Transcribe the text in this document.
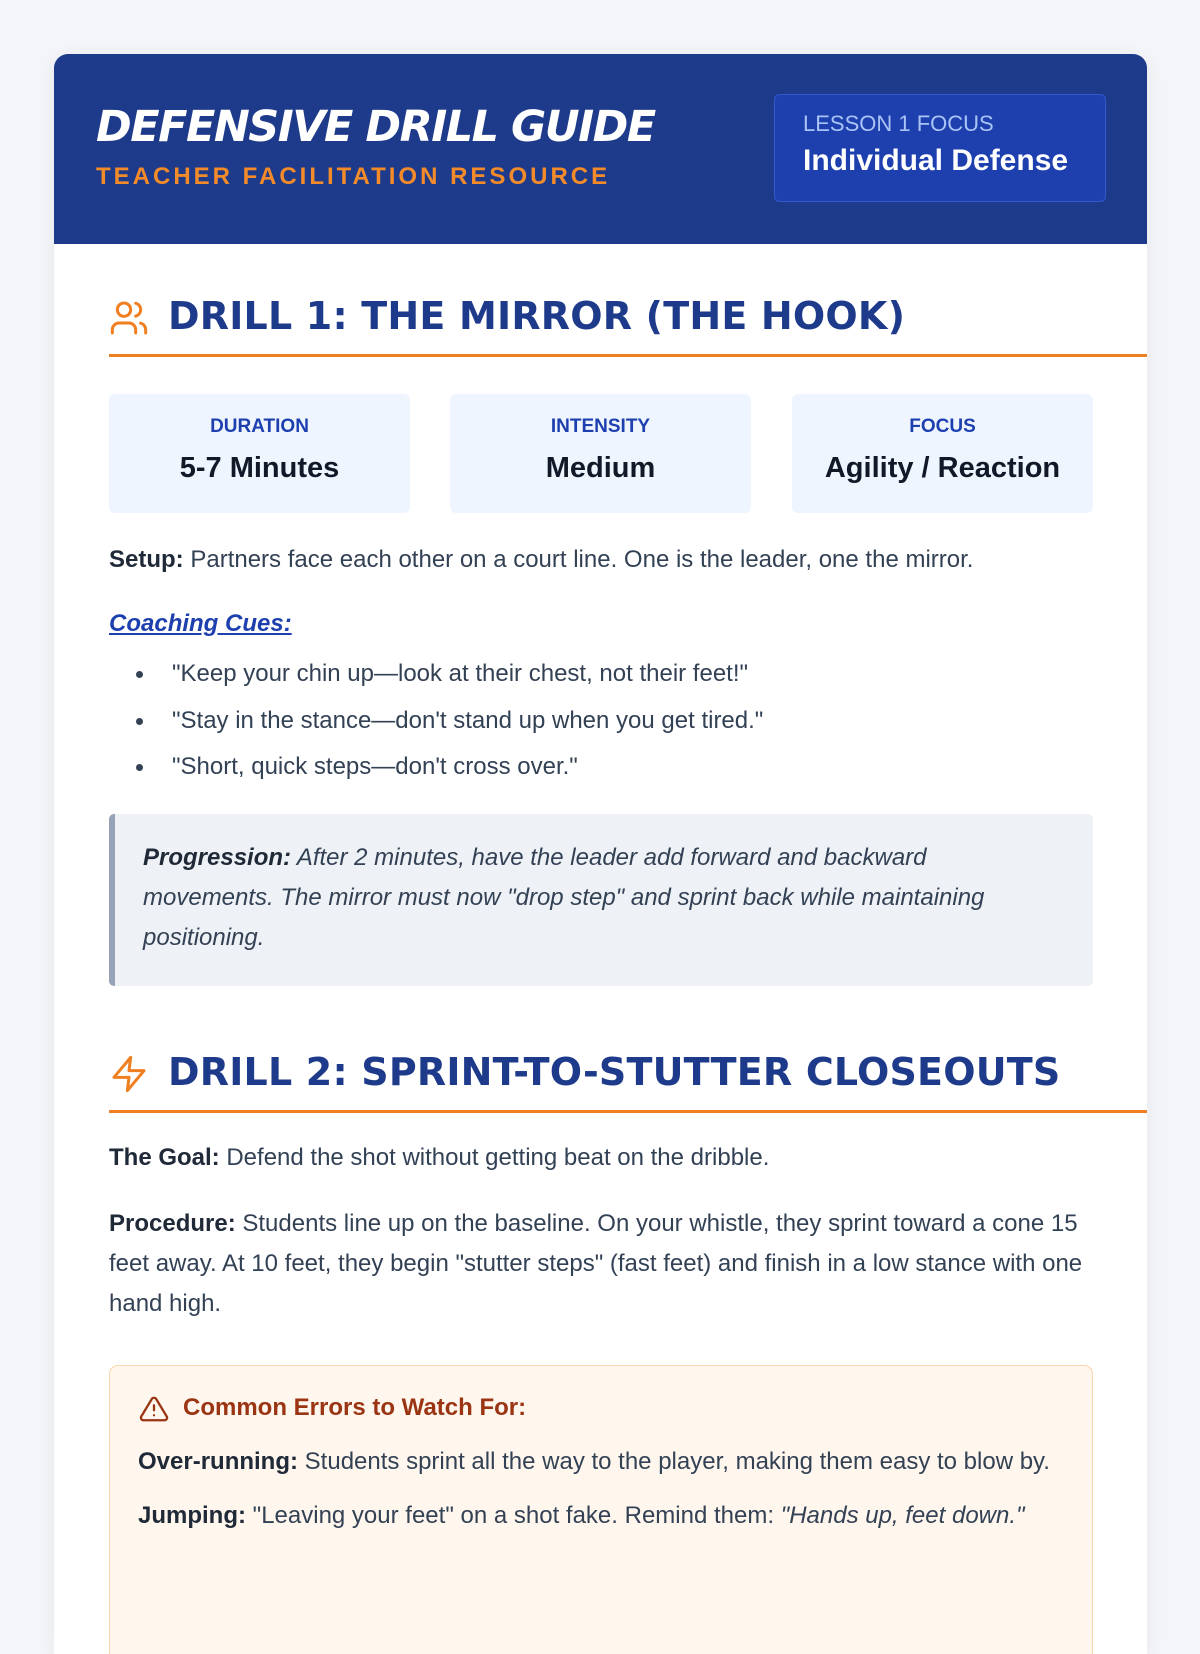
DEFENSIVE DRILL GUIDE
TEACHER FACILITATION RESOURCE
LESSON 1 FOCUS
Individual Defense
DRILL 1: THE MIRROR (THE HOOK)
DURATION
5-7 Minutes
INTENSITY
Medium
FOCUS
Agility / Reaction

Setup: Partners face each other on a court line. One is the leader, one the mirror.

Coaching Cues:
"Keep your chin up—look at their chest, not their feet!"
"Stay in the stance—don't stand up when you get tired."
"Short, quick steps—don't cross over."
Progression: After 2 minutes, have the leader add forward and backward movements. The mirror must now "drop step" and sprint back while maintaining positioning.
DRILL 2: SPRINT-TO-STUTTER CLOSEOUTS

The Goal: Defend the shot without getting beat on the dribble.

Procedure: Students line up on the baseline. On your whistle, they sprint toward a cone 15 feet away. At 10 feet, they begin "stutter steps" (fast feet) and finish in a low stance with one hand high.

Common Errors to Watch For:

Over-running: Students sprint all the way to the player, making them easy to blow by.

Jumping: "Leaving your feet" on a shot fake. Remind them: "Hands up, feet down."
